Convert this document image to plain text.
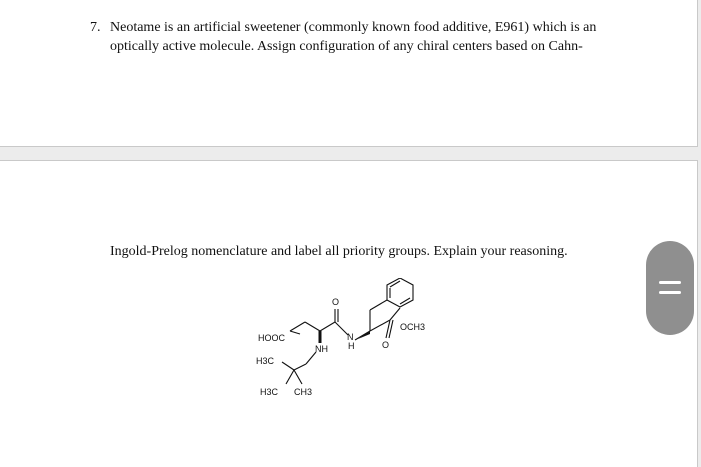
7. Neotame is an artificial sweetener (commonly known food additive, E961) which is an
optically active molecule. Assign configuration of any chiral centers based on Cahn-
Ingold-Prelog nomenclature and label all priority groups. Explain your reasoning.
HOOC
O
N
H
OCH3
O
NH
H3C
H3C CH3
